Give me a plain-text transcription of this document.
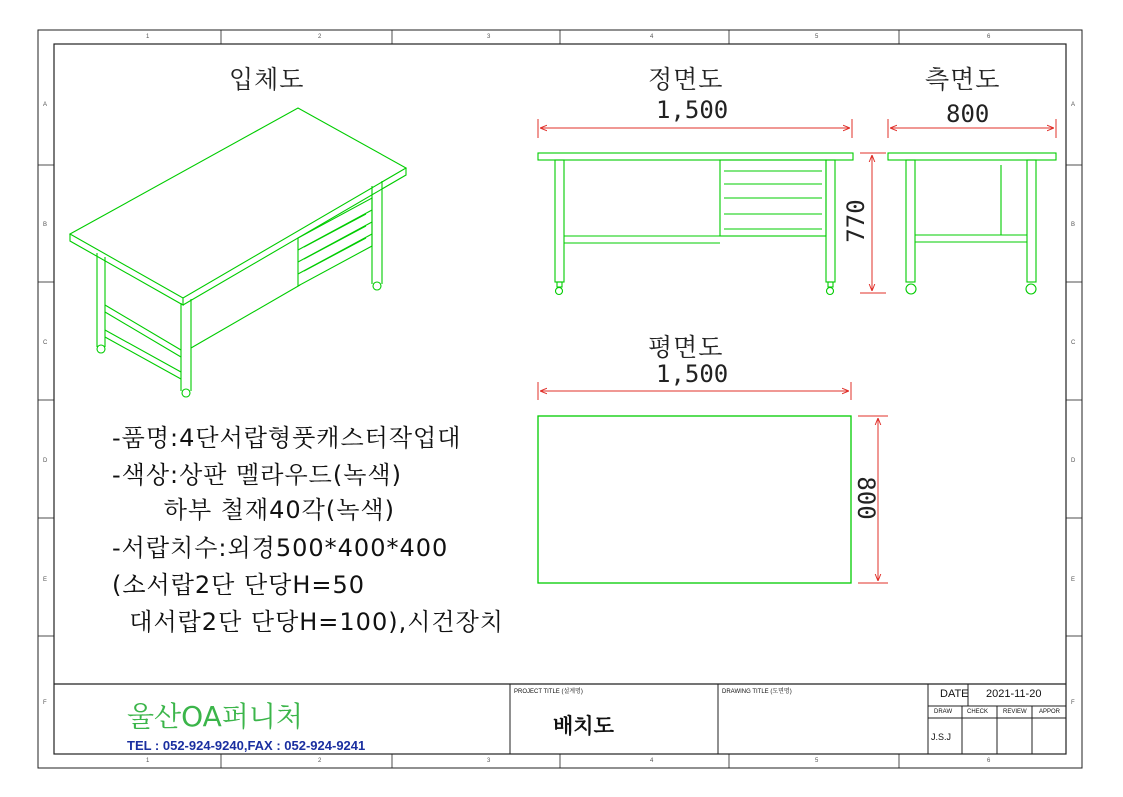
입체도	정면도	측면도
평면도
1,500	800
770
1,500
800
-품명:4단서랍형풋캐스터작업대
-색상:상판 멜라우드(녹색)
하부 철재40각(녹색)
-서랍치수:외경500*400*400
(소서랍2단 단당H=50
대서랍2단 단당H=100),시건장치
울산OA퍼니처
TEL : 052-924-9240,FAX : 052-924-9241
PROJECT TITLE (설계명)
배치도
DRAWING TITLE (도면명)	DATE 2021-11-20
DRAW CHECK REVIEW APPOR
J.S.J
1	2	3	4	5	6
1	2	3	4	5	6
A
B
C
D
E
F
A
B
C
D
E
F
